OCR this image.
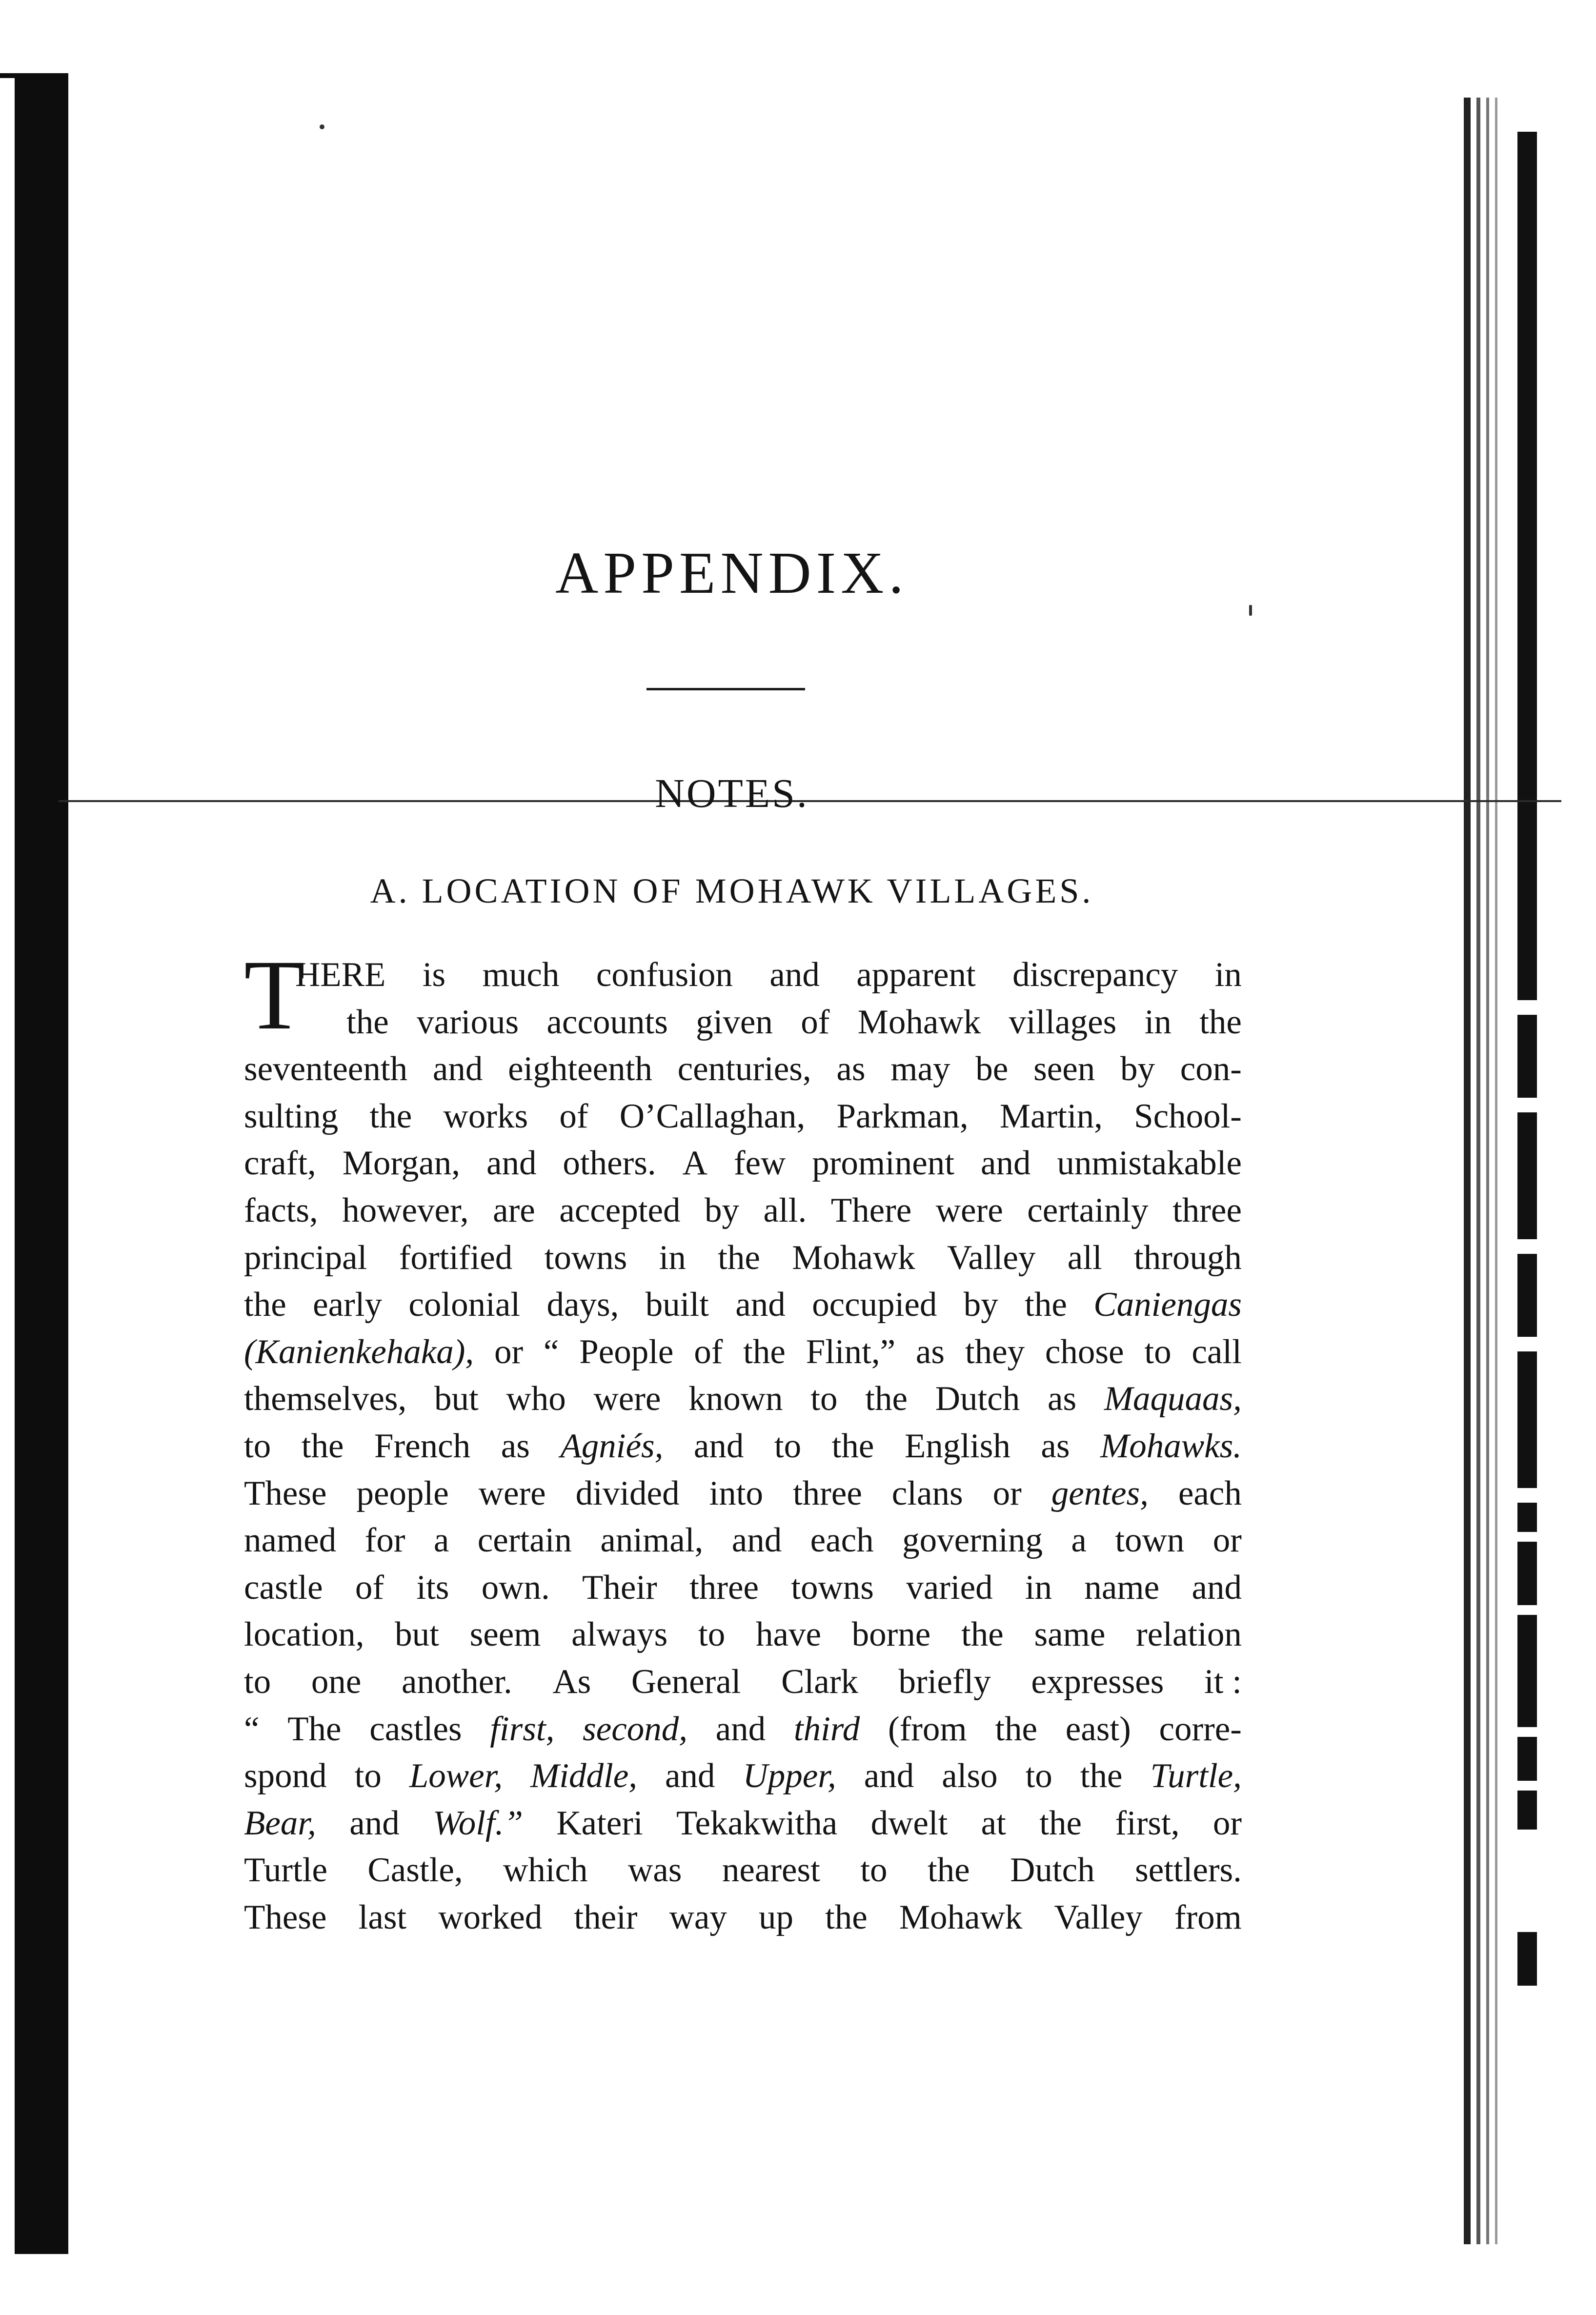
APPENDIX.
NOTES.
A. LOCATION OF MOHAWK VILLAGES.
T
HERE is much confusion and apparent discrepancy in
the various accounts given of Mohawk villages in the
seventeenth and eighteenth centuries, as may be seen by con-
sulting the works of O’Callaghan, Parkman, Martin, School-
craft, Morgan, and others. A few prominent and unmistakable
facts, however, are accepted by all. There were certainly three
principal fortified towns in the Mohawk Valley all through
the early colonial days, built and occupied by the Caniengas
(Kanienkehaka), or “ People of the Flint,” as they chose to call
themselves, but who were known to the Dutch as Maquaas,
to the French as Agniés, and to the English as Mohawks.
These people were divided into three clans or gentes, each
named for a certain animal, and each governing a town or
castle of its own. Their three towns varied in name and
location, but seem always to have borne the same relation
to one another. As General Clark briefly expresses it :
“ The castles first, second, and third (from the east) corre-
spond to Lower, Middle, and Upper, and also to the Turtle,
Bear, and Wolf.” Kateri Tekakwitha dwelt at the first, or
Turtle Castle, which was nearest to the Dutch settlers.
These last worked their way up the Mohawk Valley from
